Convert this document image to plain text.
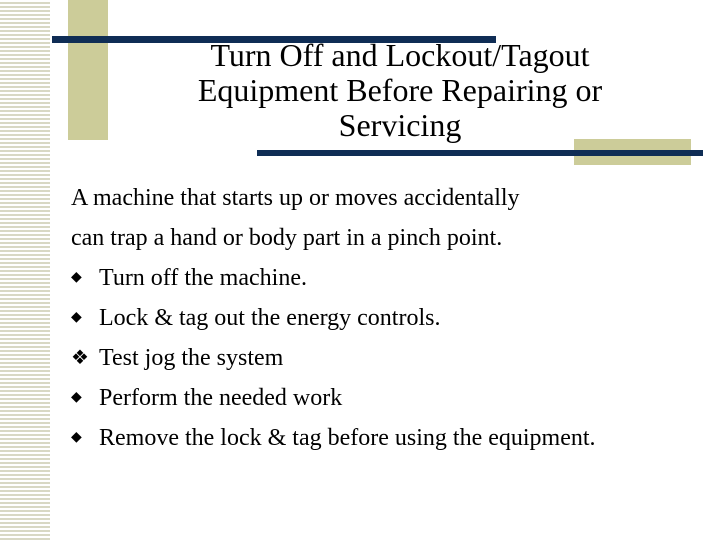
Turn Off and Lockout/Tagout Equipment Before Repairing or Servicing
A machine that starts up or moves accidentally
can trap a hand or body part in a pinch point.
◆ Turn off the machine.
◆ Lock & tag out the energy controls.
❖ Test jog the system
◆ Perform the needed work
◆ Remove the lock & tag before using the equipment.
